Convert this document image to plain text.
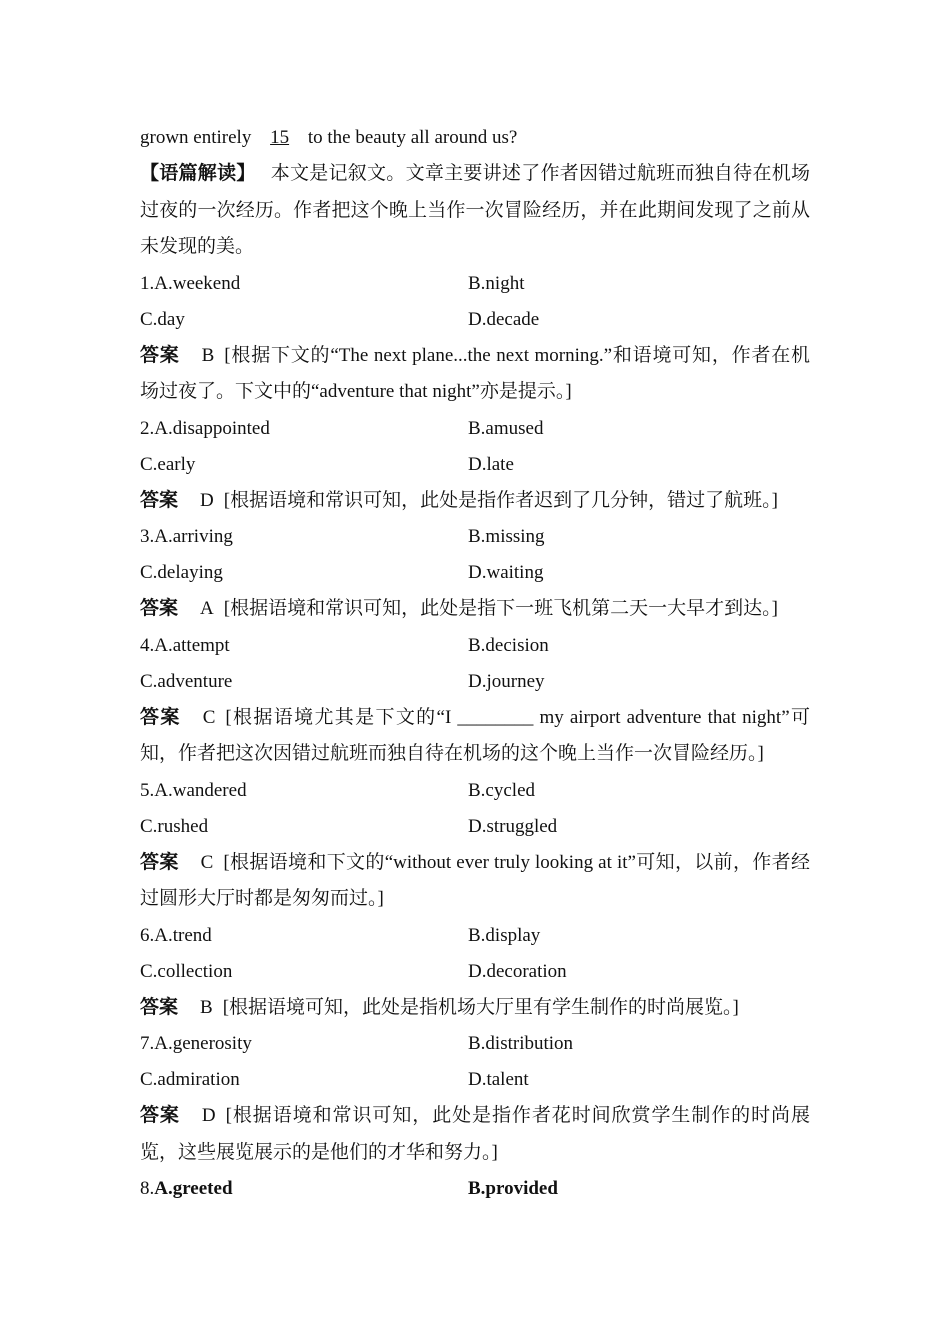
grown entirely 15 to the beauty all around us?
【语篇解读】 本文是记叙文。文章主要讲述了作者因错过航班而独自待在机场过夜的一次经历。作者把这个晚上当作一次冒险经历，并在此期间发现了之前从未发现的美。
1.A.weekend	B.night
C.day	D.decade
答案 B [根据下文的“The next plane...the next morning.”和语境可知，作者在机场过夜了。下文中的“adventure that night”亦是提示。]
2.A.disappointed	B.amused
C.early	D.late
答案 D [根据语境和常识可知，此处是指作者迟到了几分钟，错过了航班。]
3.A.arriving	B.missing
C.delaying	D.waiting
答案 A [根据语境和常识可知，此处是指下一班飞机第二天一大早才到达。]
4.A.attempt	B.decision
C.adventure	D.journey
答案 C [根据语境尤其是下文的“I ________ my airport adventure that night”可知，作者把这次因错过航班而独自待在机场的这个晚上当作一次冒险经历。]
5.A.wandered	B.cycled
C.rushed	D.struggled
答案 C [根据语境和下文的“without ever truly looking at it”可知，以前，作者经过圆形大厅时都是匆匆而过。]
6.A.trend	B.display
C.collection	D.decoration
答案 B [根据语境可知，此处是指机场大厅里有学生制作的时尚展览。]
7.A.generosity	B.distribution
C.admiration	D.talent
答案 D [根据语境和常识可知，此处是指作者花时间欣赏学生制作的时尚展览，这些展览展示的是他们的才华和努力。]
8.A.greeted	B.provided
